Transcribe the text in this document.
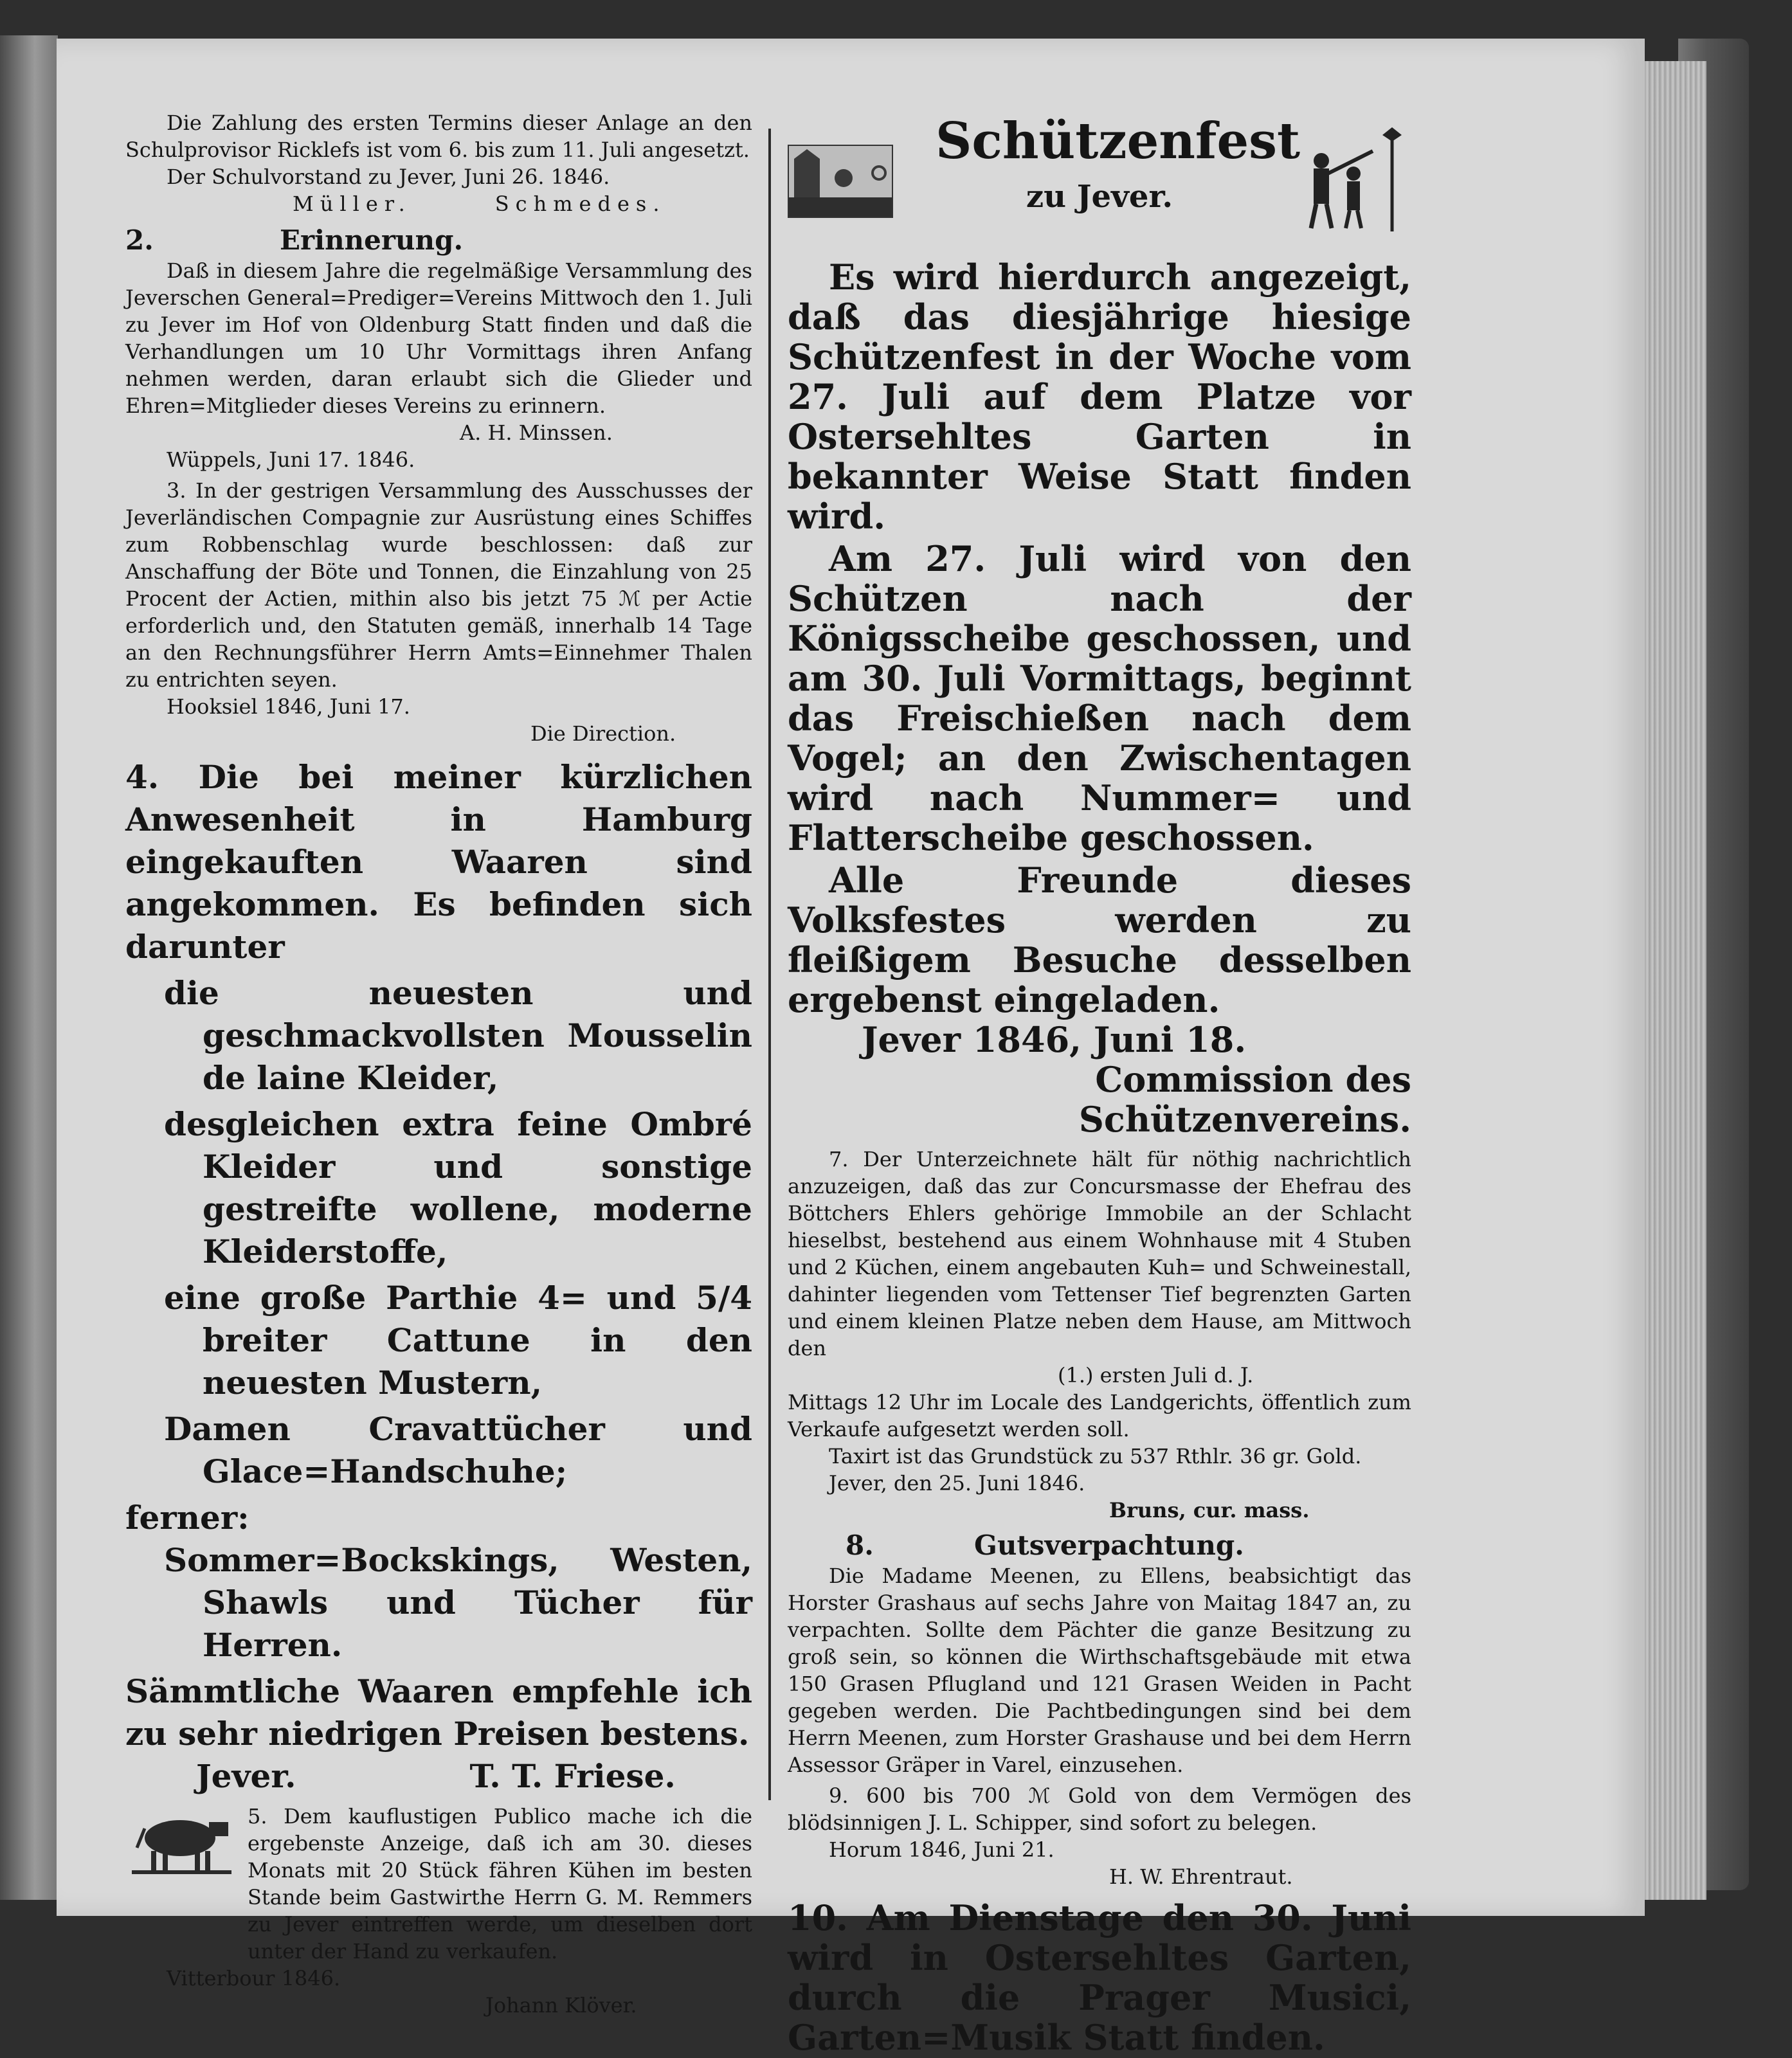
Die Zahlung des ersten Termins dieser Anlage an den Schulprovisor Ricklefs ist vom 6. bis zum 11. Juli angesetzt.

Der Schulvorstand zu Jever, Juni 26. 1846.

Müller.	Schmedes.
2.	Erinnerung.

Daß in diesem Jahre die regelmäßige Versammlung des Jeverschen General=Prediger=Vereins Mittwoch den 1. Juli zu Jever im Hof von Oldenburg Statt finden und daß die Verhandlungen um 10 Uhr Vormittags ihren Anfang nehmen werden, daran erlaubt sich die Glieder und Ehren=Mitglieder dieses Vereins zu erinnern.

A. H. Minssen.

Wüppels, Juni 17. 1846.

3. In der gestrigen Versammlung des Ausschusses der Jeverländischen Compagnie zur Ausrüstung eines Schiffes zum Robbenschlag wurde beschlossen: daß zur Anschaffung der Böte und Tonnen, die Einzahlung von 25 Procent der Actien, mithin also bis jetzt 75 ℳ per Actie erforderlich und, den Statuten gemäß, innerhalb 14 Tage an den Rechnungsführer Herrn Amts=Einnehmer Thalen zu entrichten seyen.

Hooksiel 1846, Juni 17.

Die Direction.

4. Die bei meiner kürzlichen Anwesenheit in Hamburg eingekauften Waaren sind angekommen. Es befinden sich darunter

die neuesten und geschmackvollsten Mousselin de laine Kleider,

desgleichen extra feine Ombré Kleider und sonstige gestreifte wollene, moderne Kleiderstoffe,

eine große Parthie 4= und 5/4 breiter Cattune in den neuesten Mustern,

Damen Cravattücher und Glace=Handschuhe;

ferner:

Sommer=Bockskings, Westen, Shawls und Tücher für Herren.

Sämmtliche Waaren empfehle ich zu sehr niedrigen Preisen bestens.

Jever.	T. T. Friese.

5. Dem kauflustigen Publico mache ich die ergebenste Anzeige, daß ich am 30. dieses Monats mit 20 Stück fähren Kühen im besten Stande beim Gastwirthe Herrn G. M. Remmers zu Jever eintreffen werde, um dieselben dort unter der Hand zu verkaufen.

Vitterbour 1846.

Johann Klöver.

Schützenfest
zu Jever.

Es wird hierdurch angezeigt, daß das diesjährige hiesige Schützenfest in der Woche vom 27. Juli auf dem Platze vor Ostersehltes Garten in bekannter Weise Statt finden wird.

Am 27. Juli wird von den Schützen nach der Königsscheibe geschossen, und am 30. Juli Vormittags, beginnt das Freischießen nach dem Vogel; an den Zwischentagen wird nach Nummer= und Flatterscheibe geschossen.

Alle Freunde dieses Volksfestes werden zu fleißigem Besuche desselben ergebenst eingeladen.

Jever 1846, Juni 18.

Commission des Schützenvereins.

7. Der Unterzeichnete hält für nöthig nachrichtlich anzuzeigen, daß das zur Concursmasse der Ehefrau des Böttchers Ehlers gehörige Immobile an der Schlacht hieselbst, bestehend aus einem Wohnhause mit 4 Stuben und 2 Küchen, einem angebauten Kuh= und Schweinestall, dahinter liegenden vom Tettenser Tief begrenzten Garten und einem kleinen Platze neben dem Hause, am Mittwoch den

(1.) ersten Juli d. J.

Mittags 12 Uhr im Locale des Landgerichts, öffentlich zum Verkaufe aufgesetzt werden soll.

Taxirt ist das Grundstück zu 537 Rthlr. 36 gr. Gold.

Jever, den 25. Juni 1846.

Bruns, cur. mass.

8.	Gutsverpachtung.

Die Madame Meenen, zu Ellens, beabsichtigt das Horster Grashaus auf sechs Jahre von Maitag 1847 an, zu verpachten. Sollte dem Pächter die ganze Besitzung zu groß sein, so können die Wirthschaftsgebäude mit etwa 150 Grasen Pflugland und 121 Grasen Weiden in Pacht gegeben werden. Die Pachtbedingungen sind bei dem Herrn Meenen, zum Horster Grashause und bei dem Herrn Assessor Gräper in Varel, einzusehen.

9. 600 bis 700 ℳ Gold von dem Vermögen des blödsinnigen J. L. Schipper, sind sofort zu belegen.

Horum 1846, Juni 21.

H. W. Ehrentraut.

10. Am Dienstage den 30. Juni wird in Ostersehltes Garten, durch die Prager Musici, Garten=Musik Statt finden.
